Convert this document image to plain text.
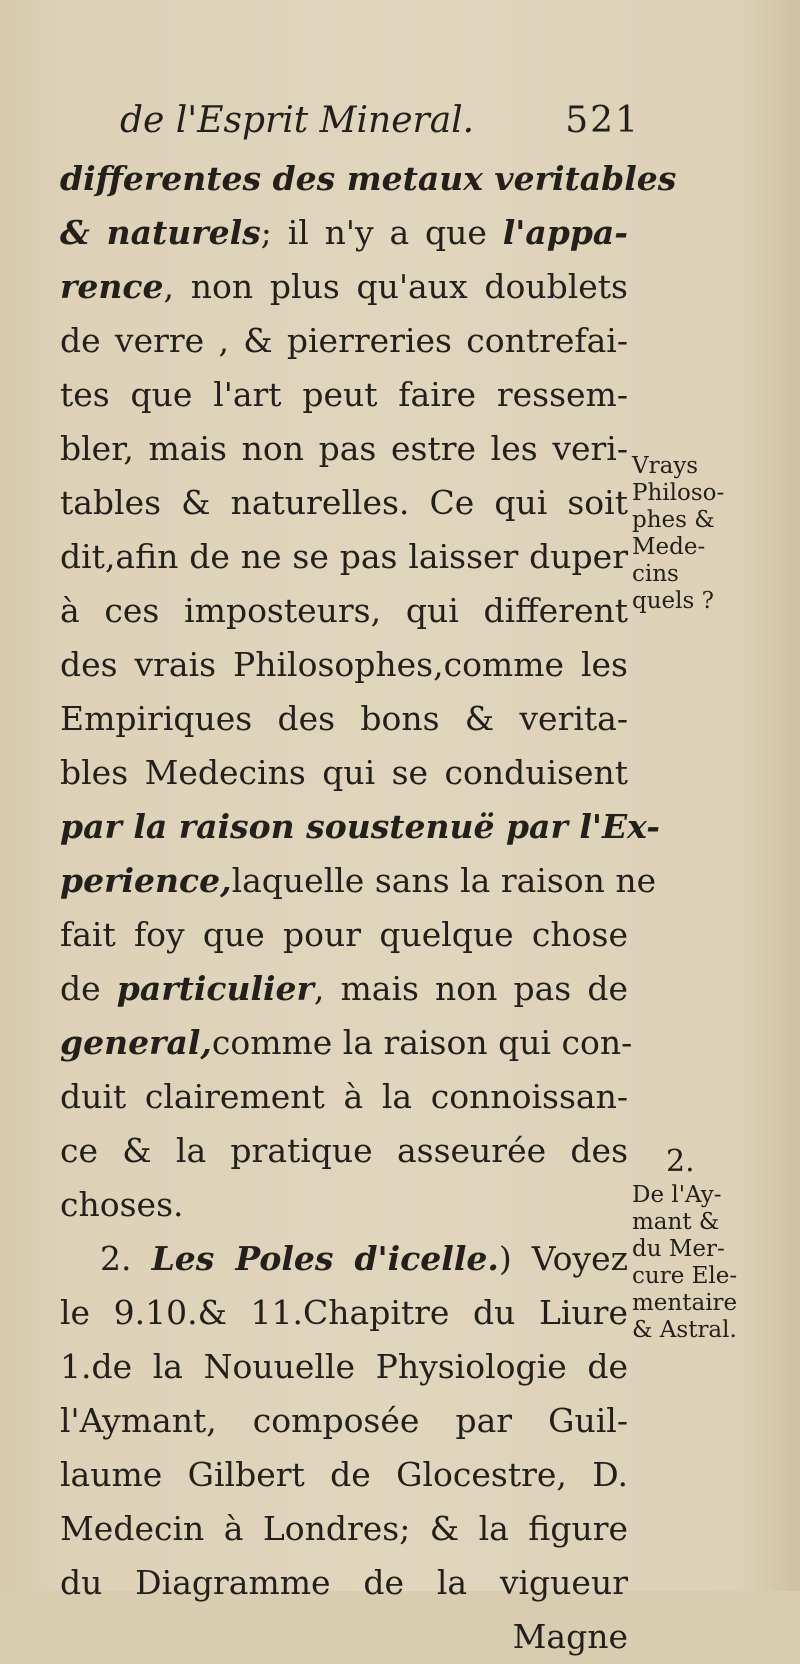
de l'Esprit Mineral.	521
differentes des metaux veritables
& naturels; il n'y a que l'appa-
rence, non plus qu'aux doublets
de verre , & pierreries contrefai-
tes que l'art peut faire ressem-
bler, mais non pas estre les veri-
tables & naturelles. Ce qui soit
dit,afin de ne se pas laisser duper
à ces imposteurs, qui different
des vrais Philosophes,comme les
Empiriques des bons & verita-
bles Medecins qui se conduisent
par la raison soustenuë par l'Ex-
perience,laquelle sans la raison ne
fait foy que pour quelque chose
de particulier, mais non pas de
general,comme la raison qui con-
duit clairement à la connoissan-
ce & la pratique asseurée des
choses.
2. Les Poles d'icelle.) Voyez
le 9.10.& 11.Chapitre du Liure
1.de la Nouuelle Physiologie de
l'Aymant, composée par Guil-
laume Gilbert de Glocestre, D.
Medecin à Londres; & la figure
du Diagramme de la vigueur
Magne
Vrays
Philoso-
phes &
Mede-
cins
quels ?
2.
De l'Ay-
mant &
du Mer-
cure Ele-
mentaire
& Astral.
